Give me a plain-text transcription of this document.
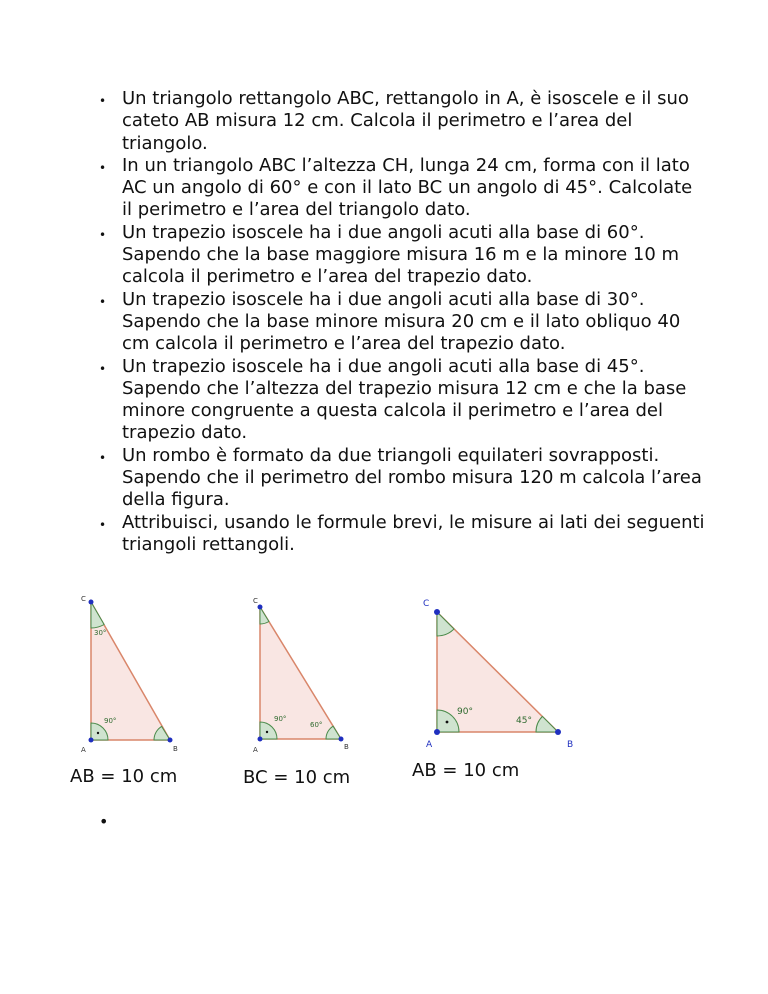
• Un triangolo rettangolo ABC, rettangolo in A, è isoscele e il suo cateto AB misura 12 cm. Calcola il perimetro e l’area del triangolo.
• In un triangolo ABC l’altezza CH, lunga 24 cm, forma con il lato AC un angolo di 60° e con il lato BC un angolo di 45°. Calcolate il perimetro e l’area del triangolo dato.
• Un trapezio isoscele ha i due angoli acuti alla base di 60°. Sapendo che la base maggiore misura 16 m e la minore 10 m calcola il perimetro e l’area del trapezio dato.
• Un trapezio isoscele ha i due angoli acuti alla base di 30°. Sapendo che la base minore misura 20 cm e il lato obliquo 40 cm calcola il perimetro e l’area del trapezio dato.
• Un trapezio isoscele ha i due angoli acuti alla base di 45°. Sapendo che l’altezza del trapezio misura 12 cm e che la base minore congruente a questa calcola il perimetro e l’area del trapezio dato.
• Un rombo è formato da due triangoli equilateri sovrapposti. Sapendo che il perimetro del rombo misura 120 m calcola l’area della figura.
• Attribuisci, usando le formule brevi, le misure ai lati dei seguenti triangoli rettangoli.
C
A	B
30°
90°
AB = 10 cm
C
A	B
90°
60°
BC = 10 cm
C
A	B
90°
45°
AB = 10 cm
•
